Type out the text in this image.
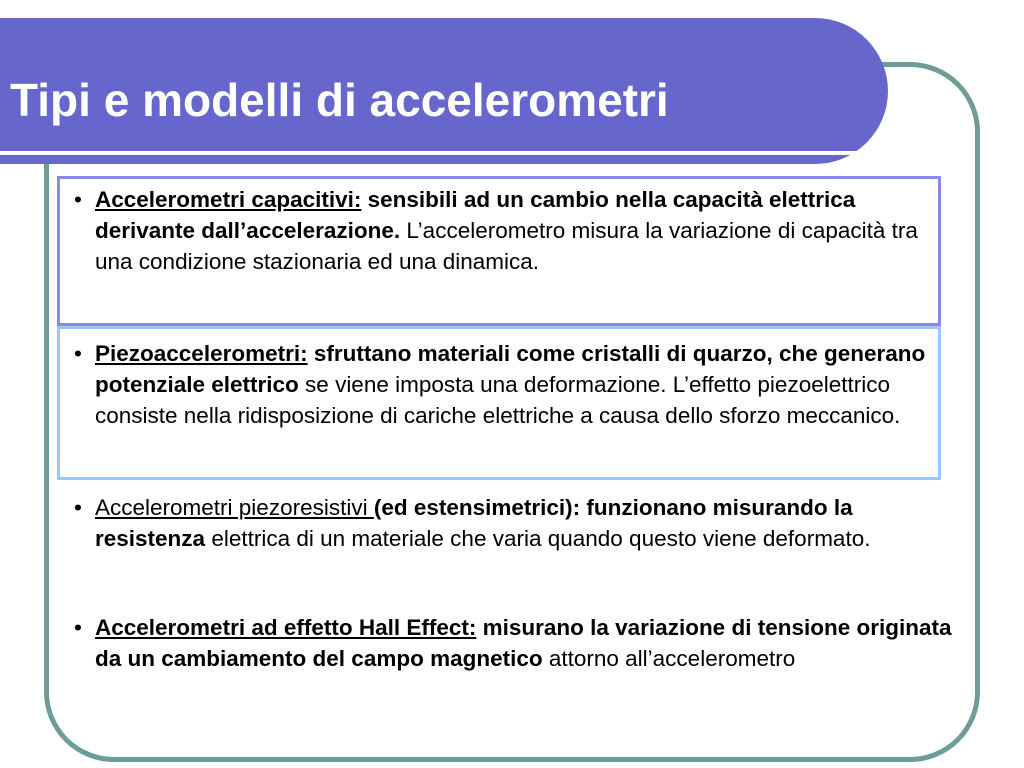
Tipi e modelli di accelerometri
• Accelerometri capacitivi: sensibili ad un cambio nella capacità elettrica derivante dall’accelerazione. L’accelerometro misura la variazione di capacità tra una condizione stazionaria ed una dinamica.
• Piezoaccelerometri: sfruttano materiali come cristalli di quarzo, che generano potenziale elettrico se viene imposta una deformazione. L’effetto piezoelettrico consiste nella ridisposizione di cariche elettriche a causa dello sforzo meccanico.
• Accelerometri piezoresistivi (ed estensimetrici): funzionano misurando la resistenza elettrica di un materiale che varia quando questo viene deformato.
• Accelerometri ad effetto Hall Effect: misurano la variazione di tensione originata da un cambiamento del campo magnetico attorno all’accelerometro
